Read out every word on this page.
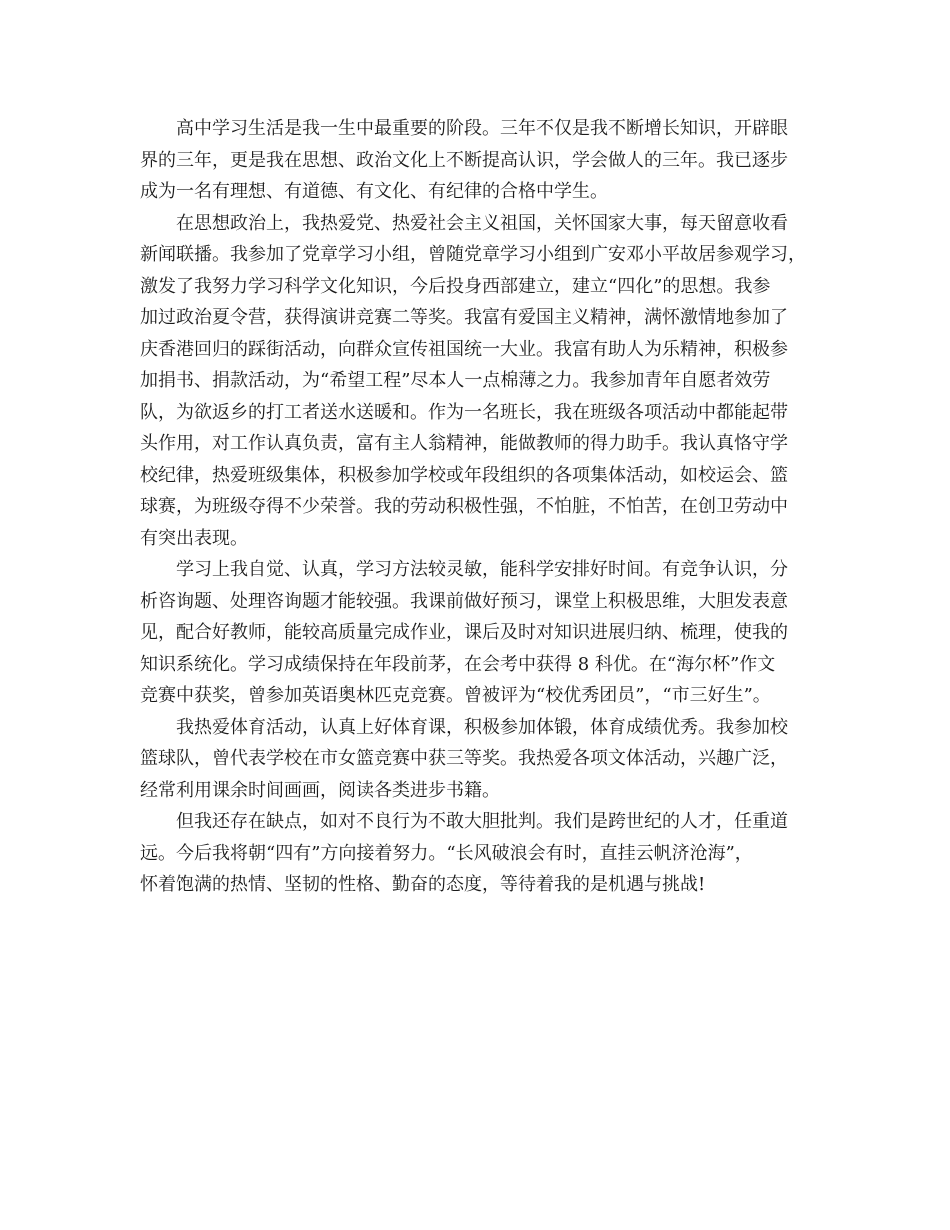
高中学习生活是我一生中最重要的阶段。三年不仅是我不断增长知识，开辟眼
界的三年，更是我在思想、政治文化上不断提高认识，学会做人的三年。我已逐步
成为一名有理想、有道德、有文化、有纪律的合格中学生。
在思想政治上，我热爱党、热爱社会主义祖国，关怀国家大事，每天留意收看
新闻联播。我参加了党章学习小组，曾随党章学习小组到广安邓小平故居参观学习，
激发了我努力学习科学文化知识，今后投身西部建立，建立“四化”的思想。我参
加过政治夏令营，获得演讲竞赛二等奖。我富有爱国主义精神，满怀激情地参加了
庆香港回归的踩街活动，向群众宣传祖国统一大业。我富有助人为乐精神，积极参
加捐书、捐款活动，为“希望工程”尽本人一点棉薄之力。我参加青年自愿者效劳
队，为欲返乡的打工者送水送暖和。作为一名班长，我在班级各项活动中都能起带
头作用，对工作认真负责，富有主人翁精神，能做教师的得力助手。我认真恪守学
校纪律，热爱班级集体，积极参加学校或年段组织的各项集体活动，如校运会、篮
球赛，为班级夺得不少荣誉。我的劳动积极性强，不怕脏，不怕苦，在创卫劳动中
有突出表现。
学习上我自觉、认真，学习方法较灵敏，能科学安排好时间。有竞争认识，分
析咨询题、处理咨询题才能较强。我课前做好预习，课堂上积极思维，大胆发表意
见，配合好教师，能较高质量完成作业，课后及时对知识进展归纳、梳理，使我的
知识系统化。学习成绩保持在年段前茅，在会考中获得 8 科优。在“海尔杯”作文
竞赛中获奖，曾参加英语奥林匹克竞赛。曾被评为“校优秀团员”，“市三好生”。
我热爱体育活动，认真上好体育课，积极参加体锻，体育成绩优秀。我参加校
篮球队，曾代表学校在市女篮竞赛中获三等奖。我热爱各项文体活动，兴趣广泛，
经常利用课余时间画画，阅读各类进步书籍。
但我还存在缺点，如对不良行为不敢大胆批判。我们是跨世纪的人才，任重道
远。今后我将朝“四有”方向接着努力。“长风破浪会有时，直挂云帆济沧海”，
怀着饱满的热情、坚韧的性格、勤奋的态度，等待着我的是机遇与挑战!
